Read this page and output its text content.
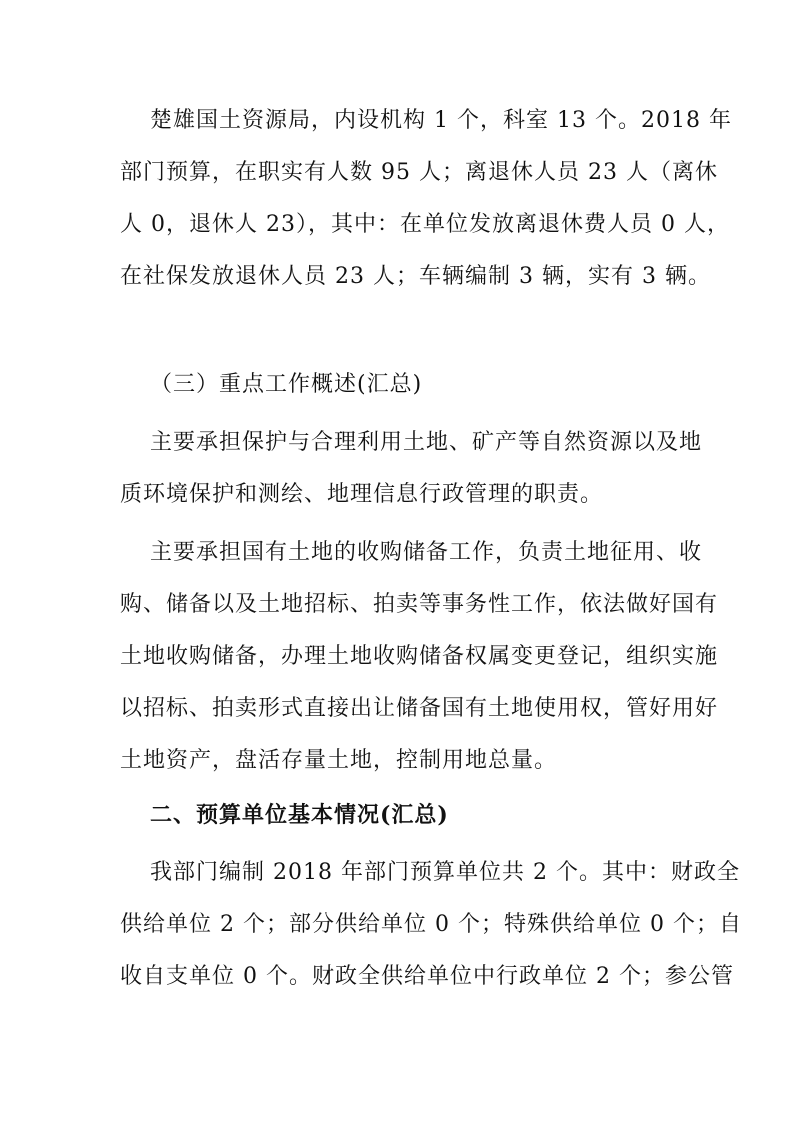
楚雄国土资源局，内设机构 1 个，科室 13 个。2018 年
部门预算，在职实有人数 95 人；离退休人员 23 人（离休
人 0，退休人 23），其中：在单位发放离退休费人员 0 人，
在社保发放退休人员 23 人；车辆编制 3 辆，实有 3 辆。
（三）重点工作概述(汇总)
主要承担保护与合理利用土地、矿产等自然资源以及地
质环境保护和测绘、地理信息行政管理的职责。
主要承担国有土地的收购储备工作，负责土地征用、收
购、储备以及土地招标、拍卖等事务性工作，依法做好国有
土地收购储备，办理土地收购储备权属变更登记，组织实施
以招标、拍卖形式直接出让储备国有土地使用权，管好用好
土地资产，盘活存量土地，控制用地总量。
二、预算单位基本情况(汇总)
我部门编制 2018 年部门预算单位共 2 个。其中：财政全
供给单位 2 个；部分供给单位 0 个；特殊供给单位 0 个；自
收自支单位 0 个。财政全供给单位中行政单位 2 个；参公管
